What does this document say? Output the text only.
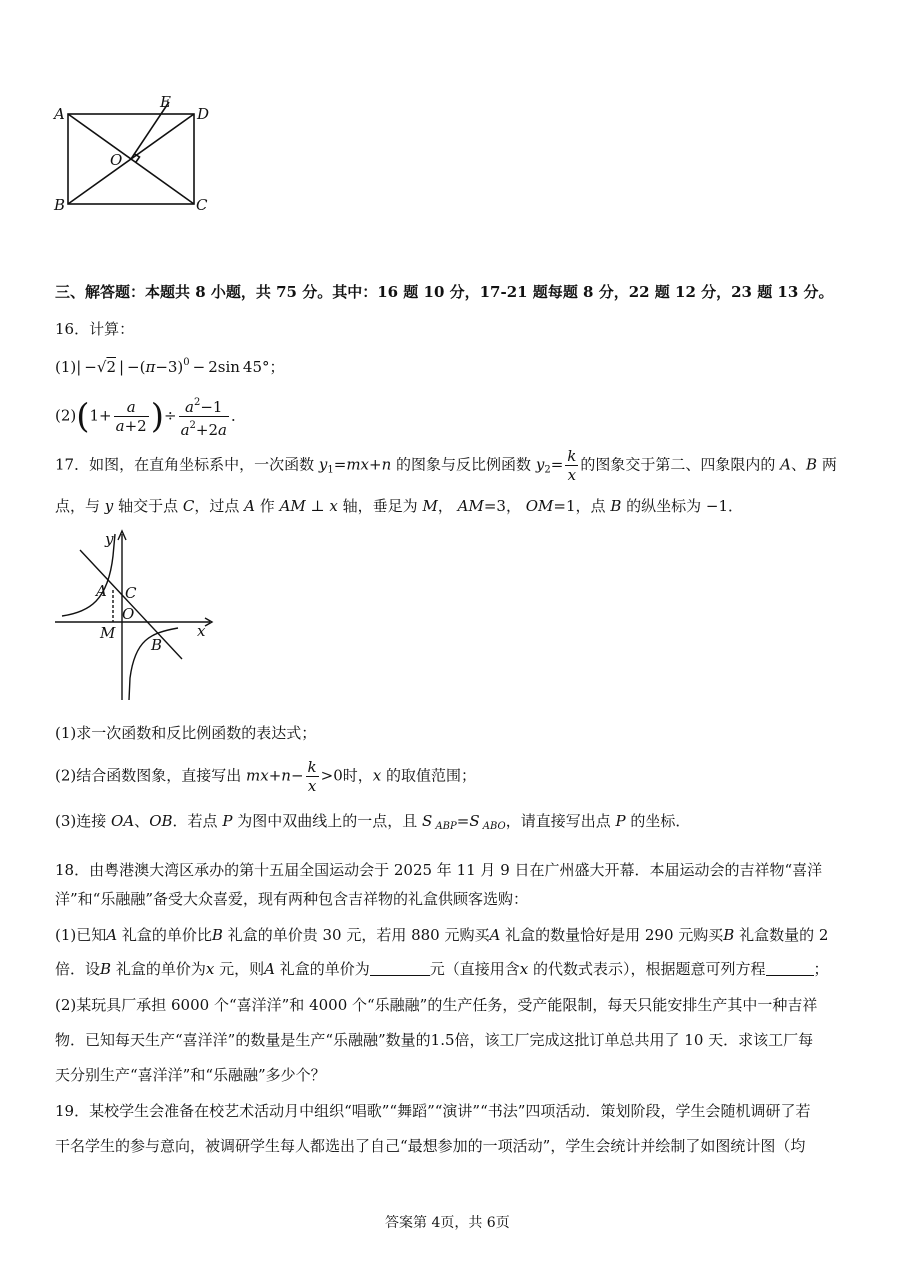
A
E
D
O
B	C
三、解答题：本题共 8 小题，共 75 分。其中：16 题 10 分，17-21 题每题 8 分，22 题 12 分，23 题 13 分。
16．计算：
(1)| −√2 | $-(\pi-3)^0 - 2\sin$ 45°；
$(2)(1+ \frac{a}{a+2}$ )÷ $\frac{a^2-1}{a^2+2a}$ ．
17．如图，在直角坐标系中，一次函数 $y_1=mx+n$ 的图象与反比例函数 $y_2= \frac{k}{x}$ 的图象交于第二、四象限内的 A、B 两
点，与 y 轴交于点 C，过点 A 作 AM ⊥ x 轴，垂足为 M， AM=3， OM=1，点 B 的纵坐标为 −1．
y
A C
O
M	x
B
(1)求一次函数和反比例函数的表达式；
(2)结合函数图象，直接写出 $mx+n- \frac{k}{x} >0$时，x 的取值范围；
(3)连接 OA、OB．若点 P 为图中双曲线上的一点，且 S $_{ABP}$=S $_{ABO}$，请直接写出点 P 的坐标．
18．由粤港澳大湾区承办的第十五届全国运动会于 2025 年 11 月 9 日在广州盛大开幕．本届运动会的吉祥物“喜洋
洋”和“乐融融”备受大众喜爱，现有两种包含吉祥物的礼盒供顾客选购：
(1)已知A 礼盒的单价比B 礼盒的单价贵 30 元，若用 880 元购买A 礼盒的数量恰好是用 290 元购买B 礼盒数量的 2
倍．设B 礼盒的单价为x 元，则A 礼盒的单价为	元（直接用含x 的代数式表示），根据题意可列方程	；
(2)某玩具厂承担 6000 个“喜洋洋”和 4000 个“乐融融”的生产任务，受产能限制，每天只能安排生产其中一种吉祥
物．已知每天生产“喜洋洋”的数量是生产“乐融融”数量的1.5倍，该工厂完成这批订单总共用了 10 天．求该工厂每
天分别生产“喜洋洋”和“乐融融”多少个？
19．某校学生会准备在校艺术活动月中组织“唱歌”“舞蹈”“演讲”“书法”四项活动．策划阶段，学生会随机调研了若
干名学生的参与意向，被调研学生每人都选出了自己“最想参加的一项活动”，学生会统计并绘制了如图统计图（均
答案第 4页，共 6页
